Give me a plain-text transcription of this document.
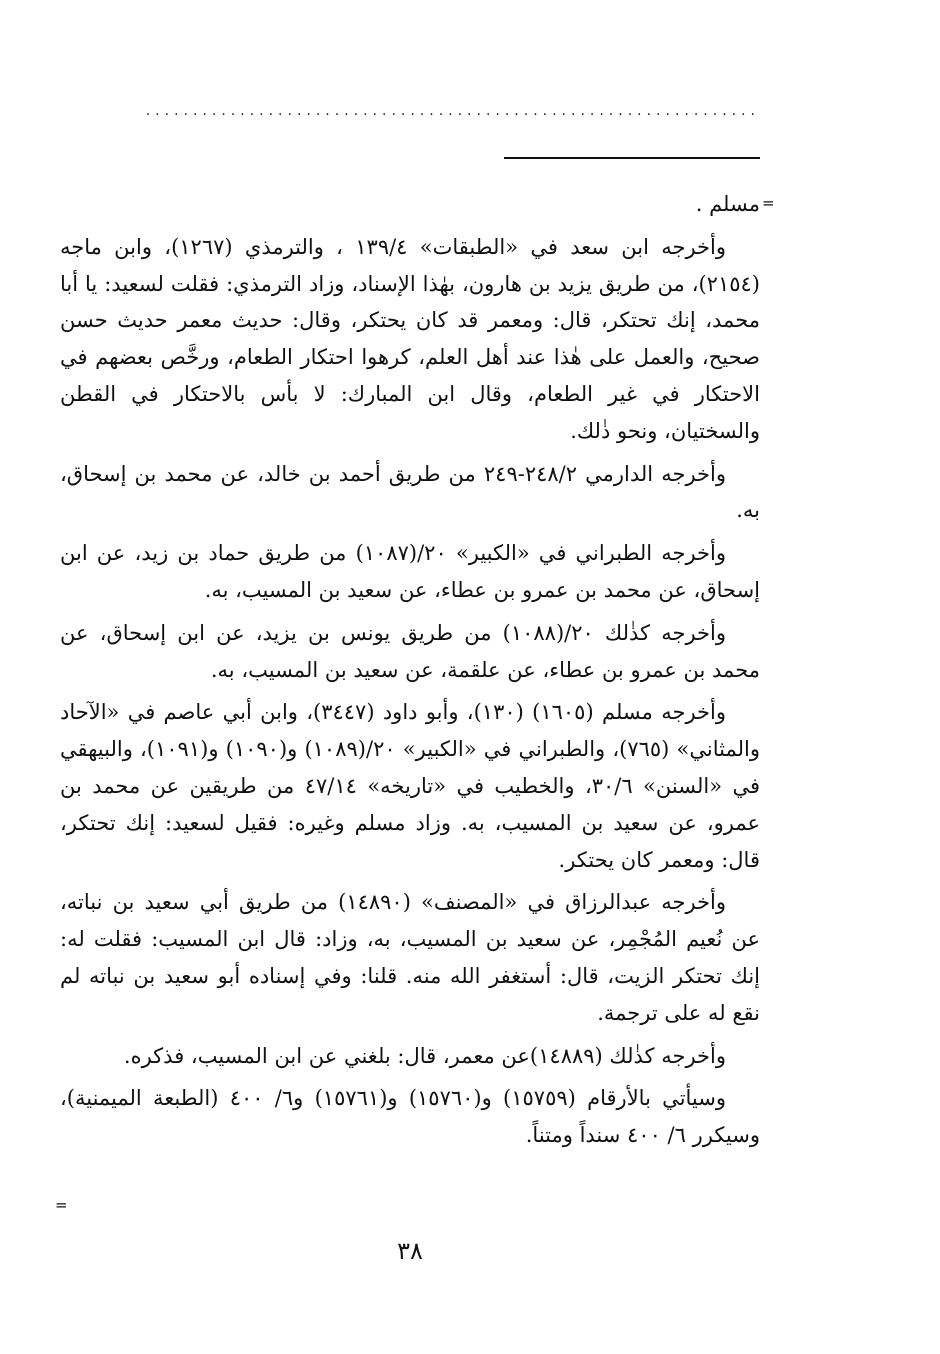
.................................................................
=

مسلم .

وأخرجه ابن سعد في «الطبقات» ١٣٩/٤ ، والترمذي (١٢٦٧)، وابن ماجه (٢١٥٤)، من طريق يزيد بن هارون، بهٰذا الإسناد، وزاد الترمذي: فقلت لسعيد: يا أبا محمد، إنك تحتكر، قال: ومعمر قد كان يحتكر، وقال: حديث معمر حديث حسن صحيح، والعمل على هٰذا عند أهل العلم، كرهوا احتكار الطعام، ورخَّص بعضهم في الاحتكار في غير الطعام، وقال ابن المبارك: لا بأس بالاحتكار في القطن والسختيان، ونحو ذٰلك.

وأخرجه الدارمي ٢٤٨/٢-٢٤٩ من طريق أحمد بن خالد، عن محمد بن إسحاق، به.

وأخرجه الطبراني في «الكبير» ٢٠/(١٠٨٧) من طريق حماد بن زيد، عن ابن إسحاق، عن محمد بن عمرو بن عطاء، عن سعيد بن المسيب، به.

وأخرجه كذٰلك ٢٠/(١٠٨٨) من طريق يونس بن يزيد، عن ابن إسحاق، عن محمد بن عمرو بن عطاء، عن علقمة، عن سعيد بن المسيب، به.

وأخرجه مسلم (١٦٠٥) (١٣٠)، وأبو داود (٣٤٤٧)، وابن أبي عاصم في «الآحاد والمثاني» (٧٦٥)، والطبراني في «الكبير» ٢٠/(١٠٨٩) و(١٠٩٠) و(١٠٩١)، والبيهقي في «السنن» ٣٠/٦، والخطيب في «تاريخه» ٤٧/١٤ من طريقين عن محمد بن عمرو، عن سعيد بن المسيب، به. وزاد مسلم وغيره: فقيل لسعيد: إنك تحتكر، قال: ومعمر كان يحتكر.

وأخرجه عبدالرزاق في «المصنف» (١٤٨٩٠) من طريق أبي سعيد بن نباته، عن نُعيم المُجْمِر، عن سعيد بن المسيب، به، وزاد: قال ابن المسيب: فقلت له: إنك تحتكر الزيت، قال: أستغفر الله منه. قلنا: وفي إسناده أبو سعيد بن نباته لم نقع له على ترجمة.

وأخرجه كذٰلك (١٤٨٨٩)عن معمر، قال: بلغني عن ابن المسيب، فذكره.

وسيأتي بالأرقام (١٥٧٥٩) و(١٥٧٦٠) و(١٥٧٦١) و٦/ ٤٠٠ (الطبعة الميمنية)، وسيكرر ٦/ ٤٠٠ سنداً ومتناً.

=
٣٨
